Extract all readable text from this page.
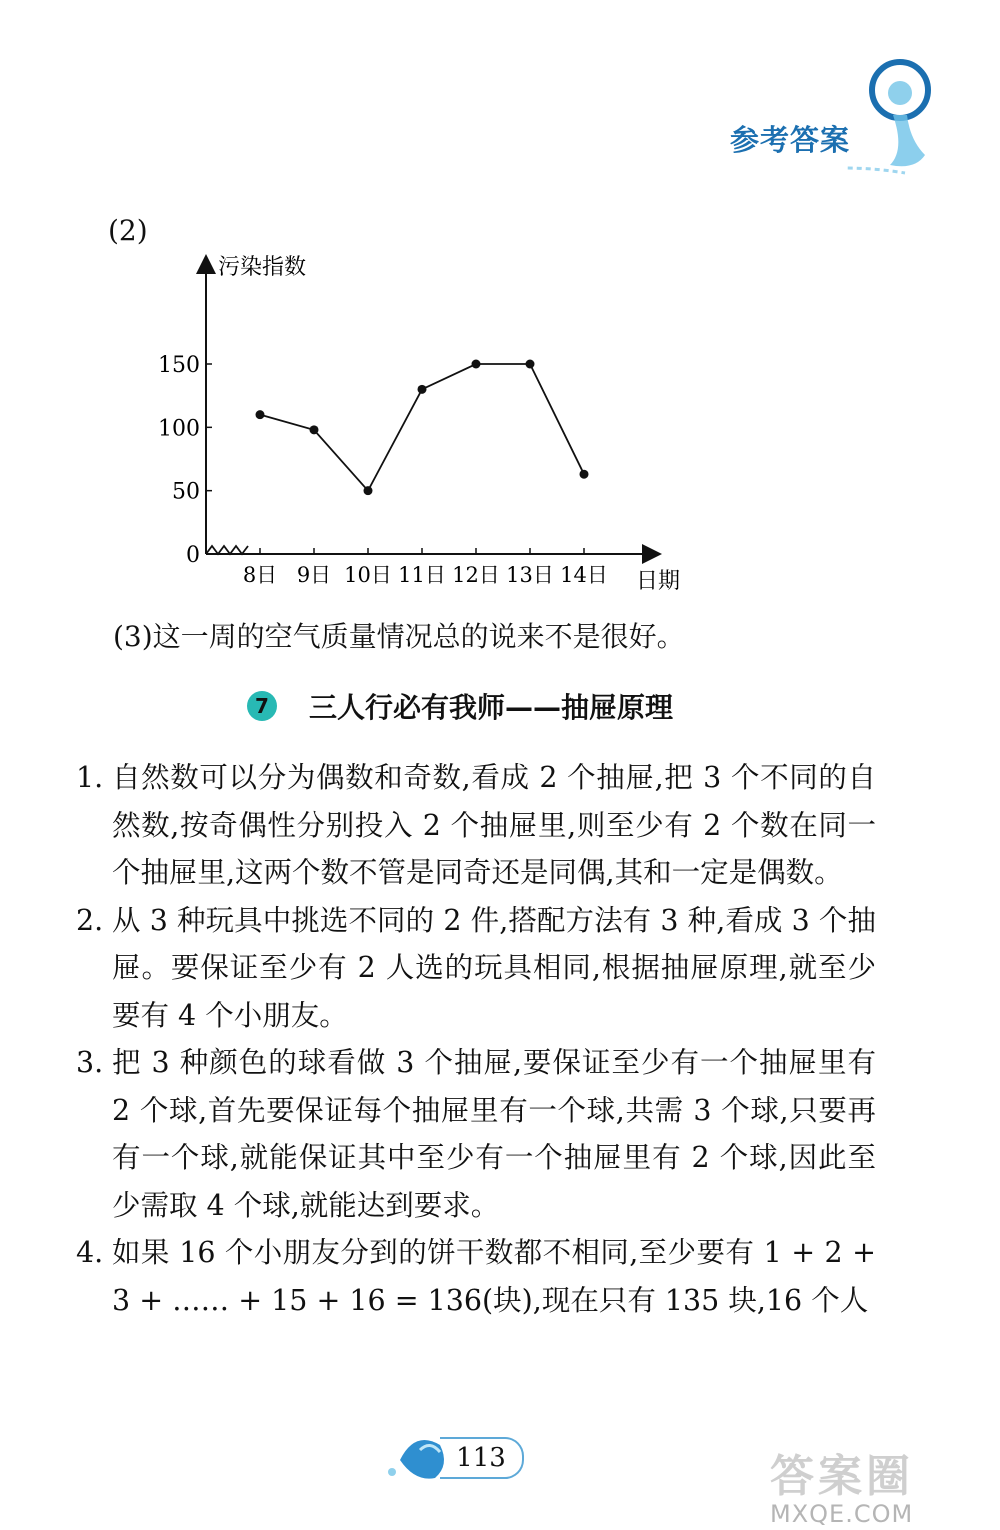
参考答案
(2)
污染指数
日期
0
50
100
150
8日 9日 10日 11日 12日 13日 14日
(3)这一周的空气质量情况总的说来不是很好。
7 三人行必有我师——抽屉原理
1. 自然数可以分为偶数和奇数,看成 2 个抽屉,把 3 个不同的自然数,按奇偶性分别投入 2 个抽屉里,则至少有 2 个数在同一个抽屉里,这两个数不管是同奇还是同偶,其和一定是偶数。
2. 从 3 种玩具中挑选不同的 2 件,搭配方法有 3 种,看成 3 个抽屉。要保证至少有 2 人选的玩具相同,根据抽屉原理,就至少要有 4 个小朋友。
3. 把 3 种颜色的球看做 3 个抽屉,要保证至少有一个抽屉里有 2 个球,首先要保证每个抽屉里有一个球,共需 3 个球,只要再有一个球,就能保证其中至少有一个抽屉里有 2 个球,因此至少需取 4 个球,就能达到要求。
4. 如果 16 个小朋友分到的饼干数都不相同,至少要有 1 + 2 + 3 + …… + 15 + 16 = 136(块),现在只有 135 块,16 个人
113	答案圈
MXQE.COM
